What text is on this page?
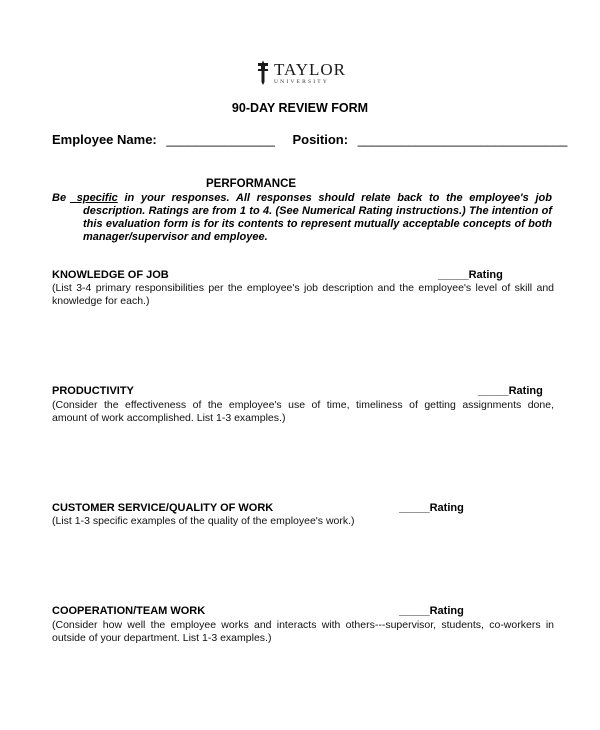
TAYLOR
UNIVERSITY
90-DAY REVIEW FORM
Employee Name: _______________ Position: _____________________________
PERFORMANCE
Be specific in your responses. All responses should relate back to the employee's job
description. Ratings are from 1 to 4. (See Numerical Rating instructions.) The intention of
this evaluation form is for its contents to represent mutually acceptable concepts of both
manager/supervisor and employee.
KNOWLEDGE OF JOB	_____Rating
(List 3-4 primary responsibilities per the employee's job description and the employee's level of skill and
knowledge for each.)
PRODUCTIVITY	_____Rating
(Consider the effectiveness of the employee's use of time, timeliness of getting assignments done,
amount of work accomplished. List 1-3 examples.)
CUSTOMER SERVICE/QUALITY OF WORK	_____Rating
(List 1-3 specific examples of the quality of the employee's work.)
COOPERATION/TEAM WORK	_____Rating
(Consider how well the employee works and interacts with others---supervisor, students, co-workers in
outside of your department. List 1-3 examples.)
